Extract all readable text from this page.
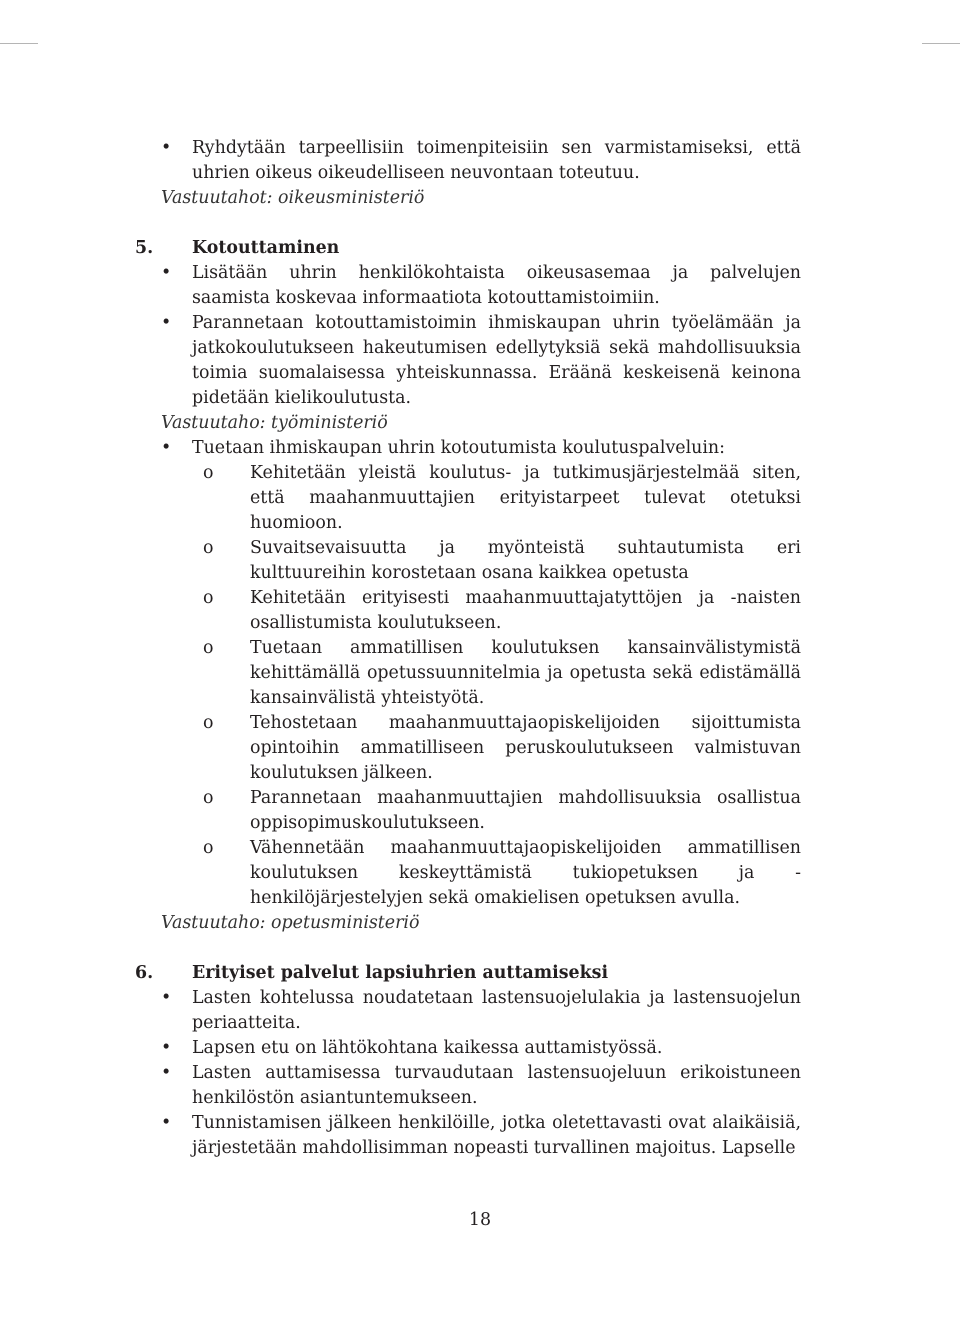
• Ryhdytään tarpeellisiin toimenpiteisiin sen varmistamiseksi, että uhrien oikeus oikeudelliseen neuvontaan toteutuu.
Vastuutahot: oikeusministeriö
5. Kotouttaminen
• Lisätään uhrin henkilökohtaista oikeusasemaa ja palvelujen saamista koskevaa informaatiota kotouttamistoimiin.
• Parannetaan kotouttamistoimin ihmiskaupan uhrin työelämään ja jatkokoulutukseen hakeutumisen edellytyksiä sekä mahdollisuuksia toimia suomalaisessa yhteiskunnassa. Eräänä keskeisenä keinona pidetään kielikoulutusta.
Vastuutaho: työministeriö
• Tuetaan ihmiskaupan uhrin kotoutumista koulutuspalveluin:
o Kehitetään yleistä koulutus- ja tutkimusjärjestelmää siten, että maahanmuuttajien erityistarpeet tulevat otetuksi huomioon.
o Suvaitsevaisuutta ja myönteistä suhtautumista eri kulttuureihin korostetaan osana kaikkea opetusta
o Kehitetään erityisesti maahanmuuttajatyttöjen ja -naisten osallistumista koulutukseen.
o Tuetaan ammatillisen koulutuksen kansainvälistymistä kehittämällä opetussuunnitelmia ja opetusta sekä edistämällä kansainvälistä yhteistyötä.
o Tehostetaan maahanmuuttajaopiskelijoiden sijoittumista opintoihin ammatilliseen peruskoulutukseen valmistuvan koulutuksen jälkeen.
o Parannetaan maahanmuuttajien mahdollisuuksia osallistua oppisopimuskoulutukseen.
o Vähennetään maahanmuuttajaopiskelijoiden ammatillisen koulutuksen keskeyttämistä tukiopetuksen ja -henkilöjärjestelyjen sekä omakielisen opetuksen avulla.
Vastuutaho: opetusministeriö
6. Erityiset palvelut lapsiuhrien auttamiseksi
• Lasten kohtelussa noudatetaan lastensuojelulakia ja lastensuojelun periaatteita.
• Lapsen etu on lähtökohtana kaikessa auttamistyössä.
• Lasten auttamisessa turvaudutaan lastensuojeluun erikoistuneen henkilöstön asiantuntemukseen.
• Tunnistamisen jälkeen henkilöille, jotka oletettavasti ovat alaikäisiä, järjestetään mahdollisimman nopeasti turvallinen majoitus. Lapselle
18
